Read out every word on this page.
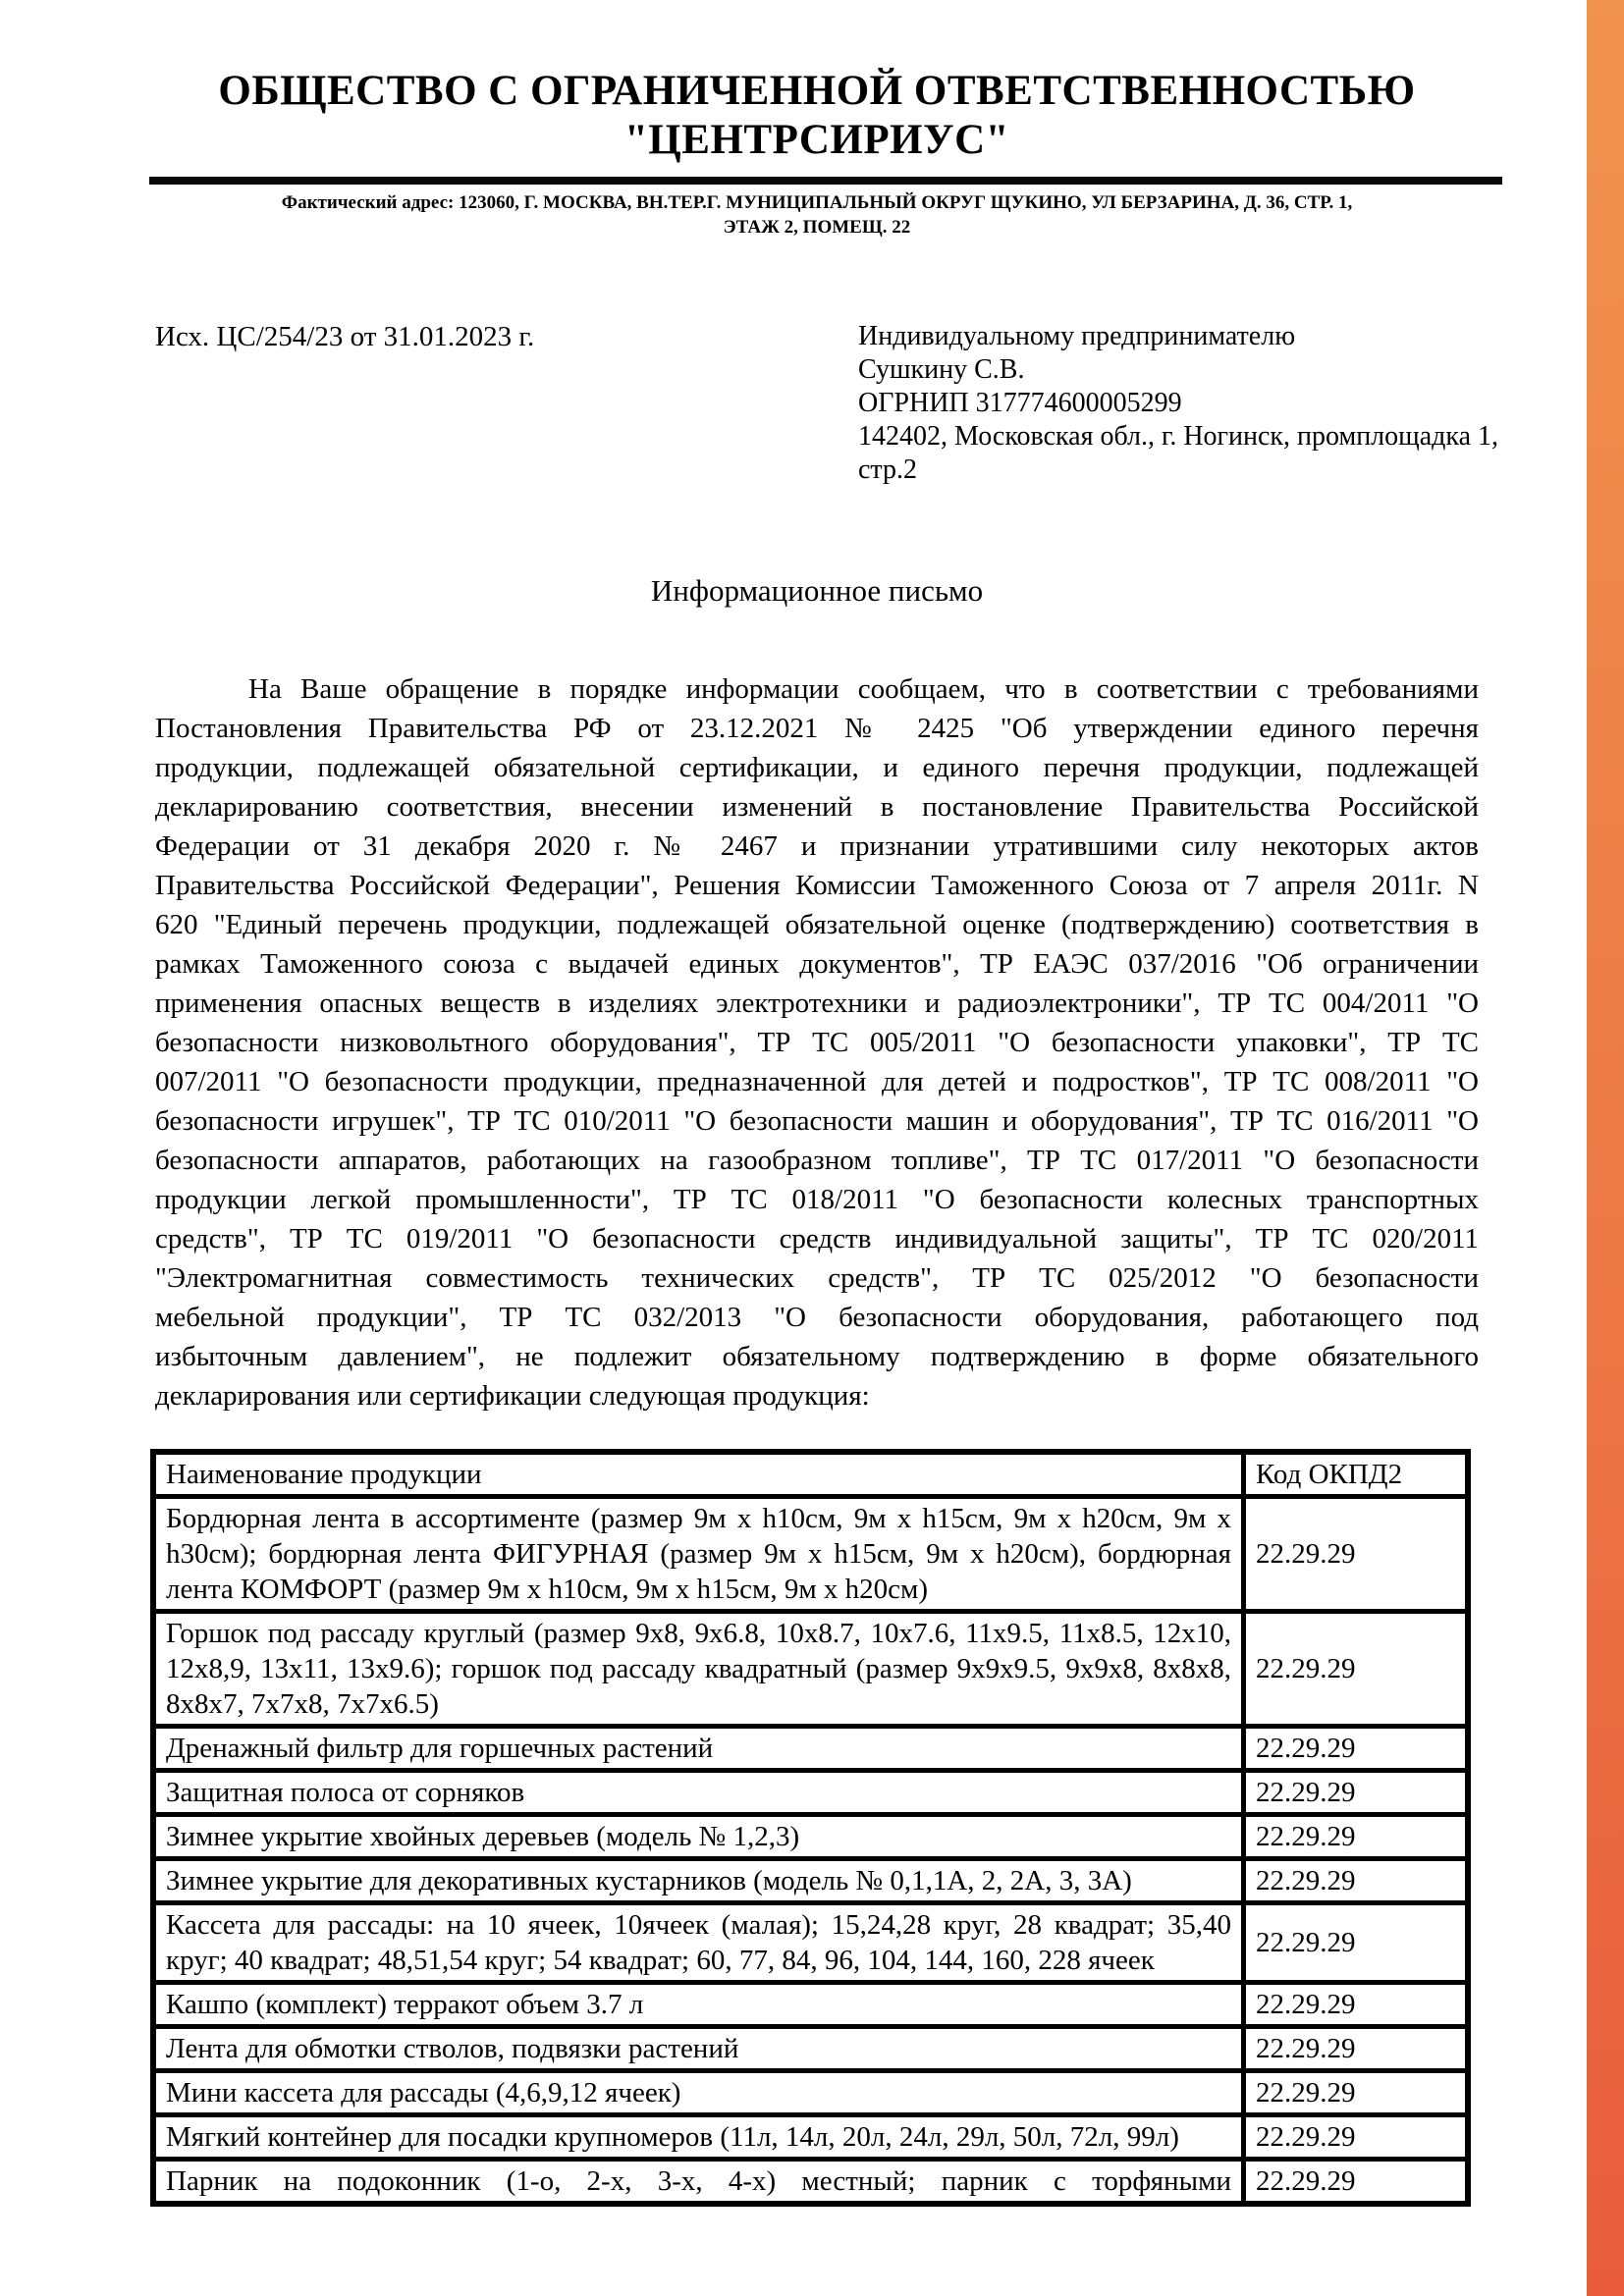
ОБЩЕСТВО С ОГРАНИЧЕННОЙ ОТВЕТСТВЕННОСТЬЮ
"ЦЕНТРСИРИУС"
Фактический адрес: 123060, Г. МОСКВА, ВН.ТЕР.Г. МУНИЦИПАЛЬНЫЙ ОКРУГ ЩУКИНО, УЛ БЕРЗАРИНА, Д. 36, СТР. 1,
ЭТАЖ 2, ПОМЕЩ. 22
Исх. ЦС/254/23 от 31.01.2023 г.	Индивидуальному предпринимателю
Сушкину С.В.
ОГРНИП 317774600005299
142402, Московская обл., г. Ногинск, промплощадка 1,
стр.2
Информационное письмо
На Ваше обращение в порядке информации сообщаем, что в соответствии с требованиями
Постановления Правительства РФ от 23.12.2021 № 2425 "Об утверждении единого перечня
продукции, подлежащей обязательной сертификации, и единого перечня продукции, подлежащей
декларированию соответствия, внесении изменений в постановление Правительства Российской
Федерации от 31 декабря 2020 г. № 2467 и признании утратившими силу некоторых актов
Правительства Российской Федерации", Решения Комиссии Таможенного Союза от 7 апреля 2011г. N
620 "Единый перечень продукции, подлежащей обязательной оценке (подтверждению) соответствия в
рамках Таможенного союза с выдачей единых документов", ТР ЕАЭС 037/2016 "Об ограничении
применения опасных веществ в изделиях электротехники и радиоэлектроники", ТР ТС 004/2011 "О
безопасности низковольтного оборудования", ТР ТС 005/2011 "О безопасности упаковки", ТР ТС
007/2011 "О безопасности продукции, предназначенной для детей и подростков", ТР ТС 008/2011 "О
безопасности игрушек", ТР ТС 010/2011 "О безопасности машин и оборудования", ТР ТС 016/2011 "О
безопасности аппаратов, работающих на газообразном топливе", ТР ТС 017/2011 "О безопасности
продукции легкой промышленности", ТР ТС 018/2011 "О безопасности колесных транспортных
средств", ТР ТС 019/2011 "О безопасности средств индивидуальной защиты", ТР ТС 020/2011
"Электромагнитная совместимость технических средств", ТР ТС 025/2012 "О безопасности
мебельной продукции", ТР ТС 032/2013 "О безопасности оборудования, работающего под
избыточным давлением", не подлежит обязательному подтверждению в форме обязательного
декларирования или сертификации следующая продукция:
Наименование продукции	Код ОКПД2
Бордюрная лента в ассортименте (размер 9м х h10см, 9м х h15см, 9м х h20см, 9м х h30см); бордюрная лента ФИГУРНАЯ (размер 9м х h15см, 9м х h20см), бордюрная лента КОМФОРТ (размер 9м х h10см, 9м х h15см, 9м х h20см)	22.29.29
Горшок под рассаду круглый (размер 9х8, 9х6.8, 10х8.7, 10х7.6, 11х9.5, 11х8.5, 12х10, 12х8,9, 13х11, 13х9.6); горшок под рассаду квадратный (размер 9х9х9.5, 9х9х8, 8х8х8, 8х8х7, 7х7х8, 7х7х6.5)	22.29.29
Дренажный фильтр для горшечных растений	22.29.29
Защитная полоса от сорняков	22.29.29
Зимнее укрытие хвойных деревьев (модель № 1,2,3)	22.29.29
Зимнее укрытие для декоративных кустарников (модель № 0,1,1А, 2, 2А, 3, 3А)	22.29.29
Кассета для рассады: на 10 ячеек, 10ячеек (малая); 15,24,28 круг, 28 квадрат; 35,40 круг; 40 квадрат; 48,51,54 круг; 54 квадрат; 60, 77, 84, 96, 104, 144, 160, 228 ячеек	22.29.29
Кашпо (комплект) терракот объем 3.7 л	22.29.29
Лента для обмотки стволов, подвязки растений	22.29.29
Мини кассета для рассады (4,6,9,12 ячеек)	22.29.29
Мягкий контейнер для посадки крупномеров (11л, 14л, 20л, 24л, 29л, 50л, 72л, 99л)	22.29.29
Парник на подоконник (1-о, 2-х, 3-х, 4-х) местный; парник с торфяными	22.29.29
